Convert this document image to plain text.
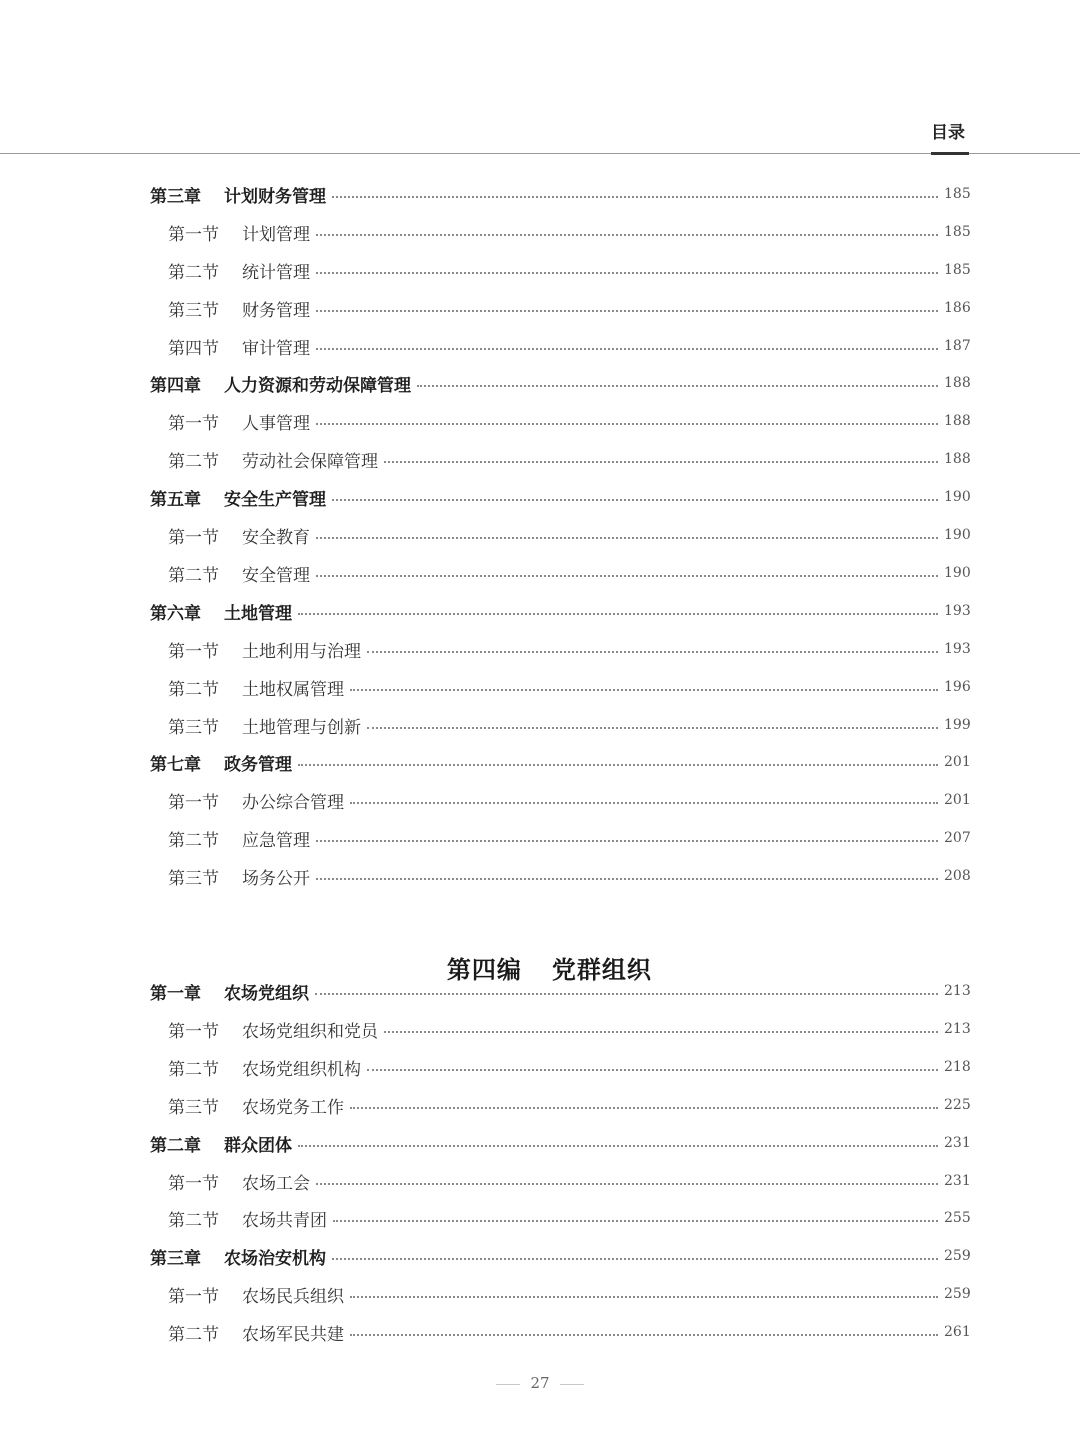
目录
第三章 计划财务管理	185
第一节 计划管理	185
第二节 统计管理	185
第三节 财务管理	186
第四节 审计管理	187
第四章 人力资源和劳动保障管理	188
第一节 人事管理	188
第二节 劳动社会保障管理	188
第五章 安全生产管理	190
第一节 安全教育	190
第二节 安全管理	190
第六章 土地管理	193
第一节 土地利用与治理	193
第二节 土地权属管理	196
第三节 土地管理与创新	199
第七章 政务管理	201
第一节 办公综合管理	201
第二节 应急管理	207
第三节 场务公开	208
第一章 农场党组织	213
第一节 农场党组织和党员	213
第二节 农场党组织机构	218
第三节 农场党务工作	225
第二章 群众团体	231
第一节 农场工会	231
第二节 农场共青团	255
第三章 农场治安机构	259
第一节 农场民兵组织	259
第二节 农场军民共建	261

第四编 党群组织

27
